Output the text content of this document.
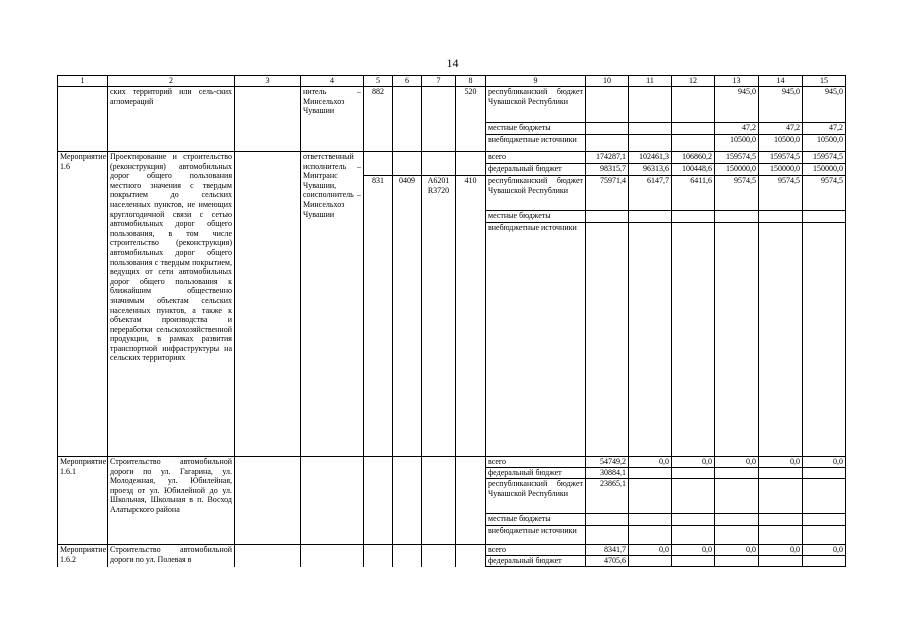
14
1	2	3	4	5	6	7	8	9	10	11	12	13	14	15
	ских территорий или сель-ских агломераций		нитель – Минсельхоз Чувашии	882			520	республиканский бюджет Чувашской Республики				945,0	945,0	945,0
								местные бюджеты				47,2	47,2	47,2
								внебюджетные источники				10500,0	10500,0	10500,0
Мероприятие 1.6	Проектирование и строительство (реконструкция) автомобильных дорог общего пользования местного значения с твердым покрытием до сельских населенных пунктов, не имеющих круглогодичной связи с сетью автомобильных дорог общего пользования, в том числе строительство (реконструкция) автомобильных дорог общего пользования с твердым покрытием, ведущих от сети автомобильных дорог общего пользования к ближайшим общественно значимым объектам сельских населенных пунктов, а также к объектам производства и переработки сельскохозяйственной продукции, в рамках развития транспортной инфраструктуры на сельских территориях		ответственный исполнитель – Минтранс Чувашии, соисполнитель – Минсельхоз Чувашии					всего	174287,1	102461,3	106860,2	159574,5	159574,5	159574,5
								федеральный бюджет	98315,7	96313,6	100448,6	150000,0	150000,0	150000,0
				831	0409	А6201 R3720	410	республиканский бюджет Чувашской Республики	75971,4	6147,7	6411,6	9574,5	9574,5	9574,5
								местные бюджеты						
								внебюджетные источники						
Мероприятие 1.6.1	Строительство автомобильной дороги по ул. Гагарина, ул. Молодежная, ул. Юбилейная, проезд от ул. Юбилейной до ул. Школьная, Школьная в п. Восход Алатырского района							всего	54749,2	0,0	0,0	0,0	0,0	0,0
								федеральный бюджет	30884,1					
								республиканский бюджет Чувашской Республики	23865,1					
								местные бюджеты						
								внебюджетные источники						
Мероприятие 1.6.2	Строительство автомобильной дороги по ул. Полевая в							всего	8341,7	0,0	0,0	0,0	0,0	0,0
								федеральный бюджет	4705,6					
